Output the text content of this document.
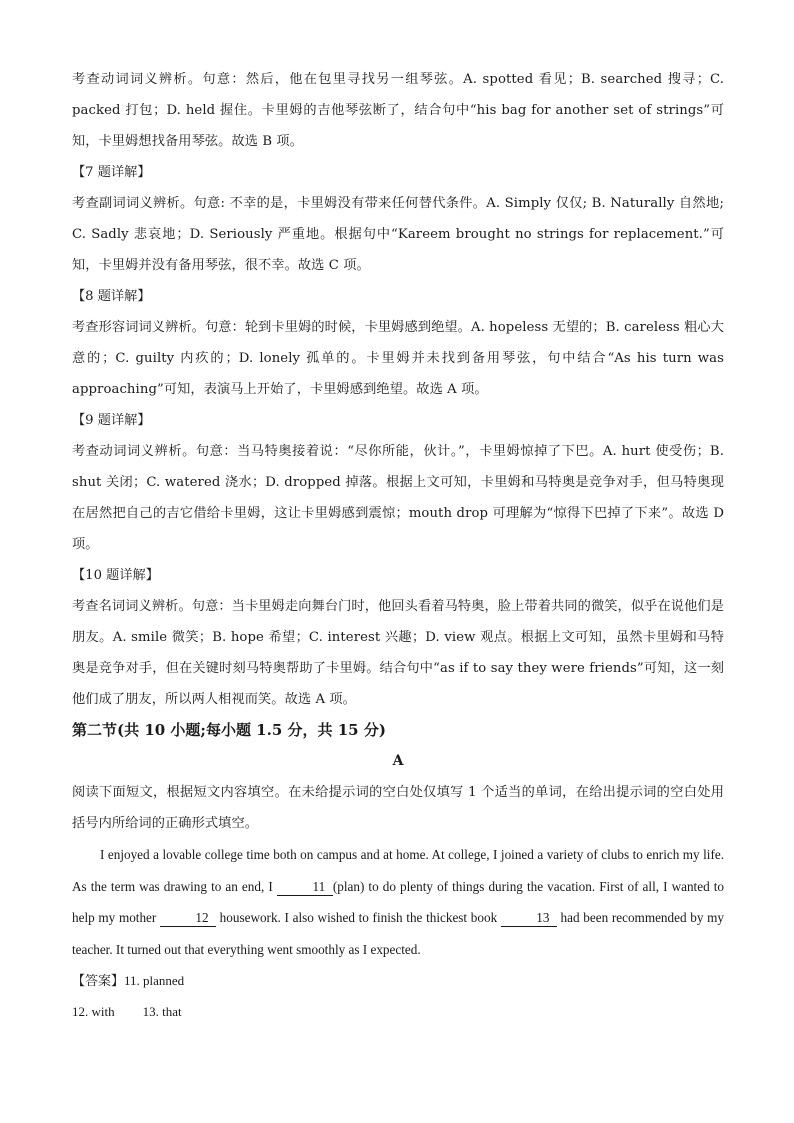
考查动词词义辨析。句意：然后，他在包里寻找另一组琴弦。A. spotted 看见；B. searched 搜寻；C. packed 打包；D. held 握住。卡里姆的吉他琴弦断了，结合句中“his bag for another set of strings”可知，卡里姆想找备用琴弦。故选 B 项。

【7 题详解】

考查副词词义辨析。句意: 不幸的是，卡里姆没有带来任何替代条件。A. Simply 仅仅; B. Naturally 自然地; C. Sadly 悲哀地；D. Seriously 严重地。根据句中“Kareem brought no strings for replacement.”可知，卡里姆并没有备用琴弦，很不幸。故选 C 项。

【8 题详解】

考查形容词词义辨析。句意：轮到卡里姆的时候，卡里姆感到绝望。A. hopeless 无望的；B. careless 粗心大意的；C. guilty 内疚的；D. lonely 孤单的。卡里姆并未找到备用琴弦，句中结合“As his turn was approaching”可知，表演马上开始了，卡里姆感到绝望。故选 A 项。

【9 题详解】

考查动词词义辨析。句意：当马特奥接着说：“尽你所能，伙计。”，卡里姆惊掉了下巴。A. hurt 使受伤；B. shut 关闭；C. watered 浇水；D. dropped 掉落。根据上文可知，卡里姆和马特奥是竞争对手，但马特奥现在居然把自己的吉它借给卡里姆，这让卡里姆感到震惊；mouth drop 可理解为“惊得下巴掉了下来”。故选 D 项。

【10 题详解】

考查名词词义辨析。句意：当卡里姆走向舞台门时，他回头看着马特奥，脸上带着共同的微笑，似乎在说他们是朋友。A. smile 微笑；B. hope 希望；C. interest 兴趣；D. view 观点。根据上文可知，虽然卡里姆和马特奥是竞争对手，但在关键时刻马特奥帮助了卡里姆。结合句中“as if to say they were friends”可知，这一刻他们成了朋友，所以两人相视而笑。故选 A 项。

第二节(共 10 小题;每小题 1.5 分，共 15 分)

A

阅读下面短文，根据短文内容填空。在未给提示词的空白处仅填写 1 个适当的单词，在给出提示词的空白处用括号内所给词的正确形式填空。

I enjoyed a lovable college time both on campus and at home. At college, I joined a variety of clubs to enrich my life. As the term was drawing to an end, I	11 (plan) to do plenty of things during the vacation. First of all, I wanted to help my mother	12 housework. I also wished to finish the thickest book	13 had been recommended by my teacher. It turned out that everything went smoothly as I expected.

【答案】11. planned

12. with 13. that
